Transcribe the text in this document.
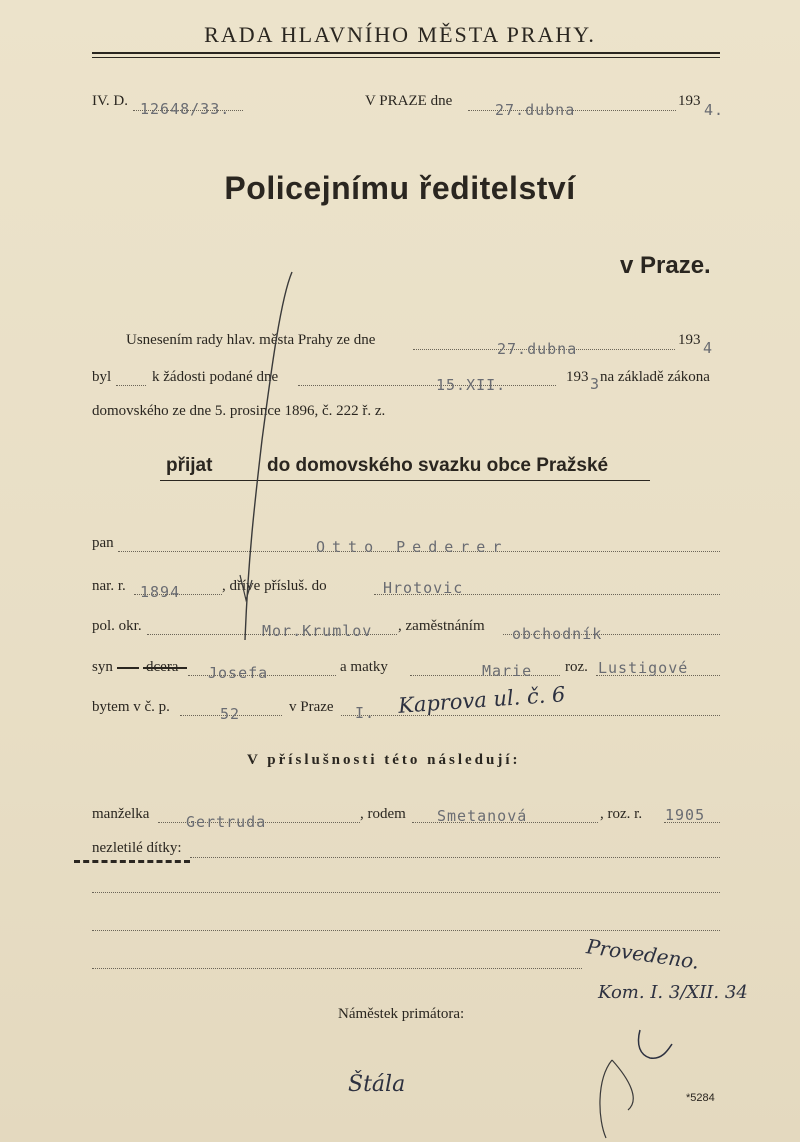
RADA HLAVNÍHO MĚSTA PRAHY.
IV. D. 12648/33.	V PRAZE dne	27.dubna	193 4.
Policejnímu ředitelství
v Praze.
Usnesením rady hlav. města Prahy ze dne	27.dubna	193 4
byl	k žádosti podané dne	15.XII.	193 3 na základě zákona
domovského ze dne 5. prosince 1896, č. 222 ř. z.
přijat	do domovského svazku obce Pražské
pan	Otto Pederer
nar. r. 1894	, dříve přísluš. do	Hrotovic
pol. okr.	Mor.Krumlov , zaměstnáním obchodník
syn dcera Josefa	a matky	Marie roz. Lustigové
bytem v č. p.	52	v Praze I. Kaprova ul. č. 6
V příslušnosti této následují:
manželka Gertruda	, rodem Smetanová	, roz. r. 1905
nezletilé dítky:
Provedeno.
Kom. I. 3/XII. 34
Náměstek primátora:
Štála
*5284
